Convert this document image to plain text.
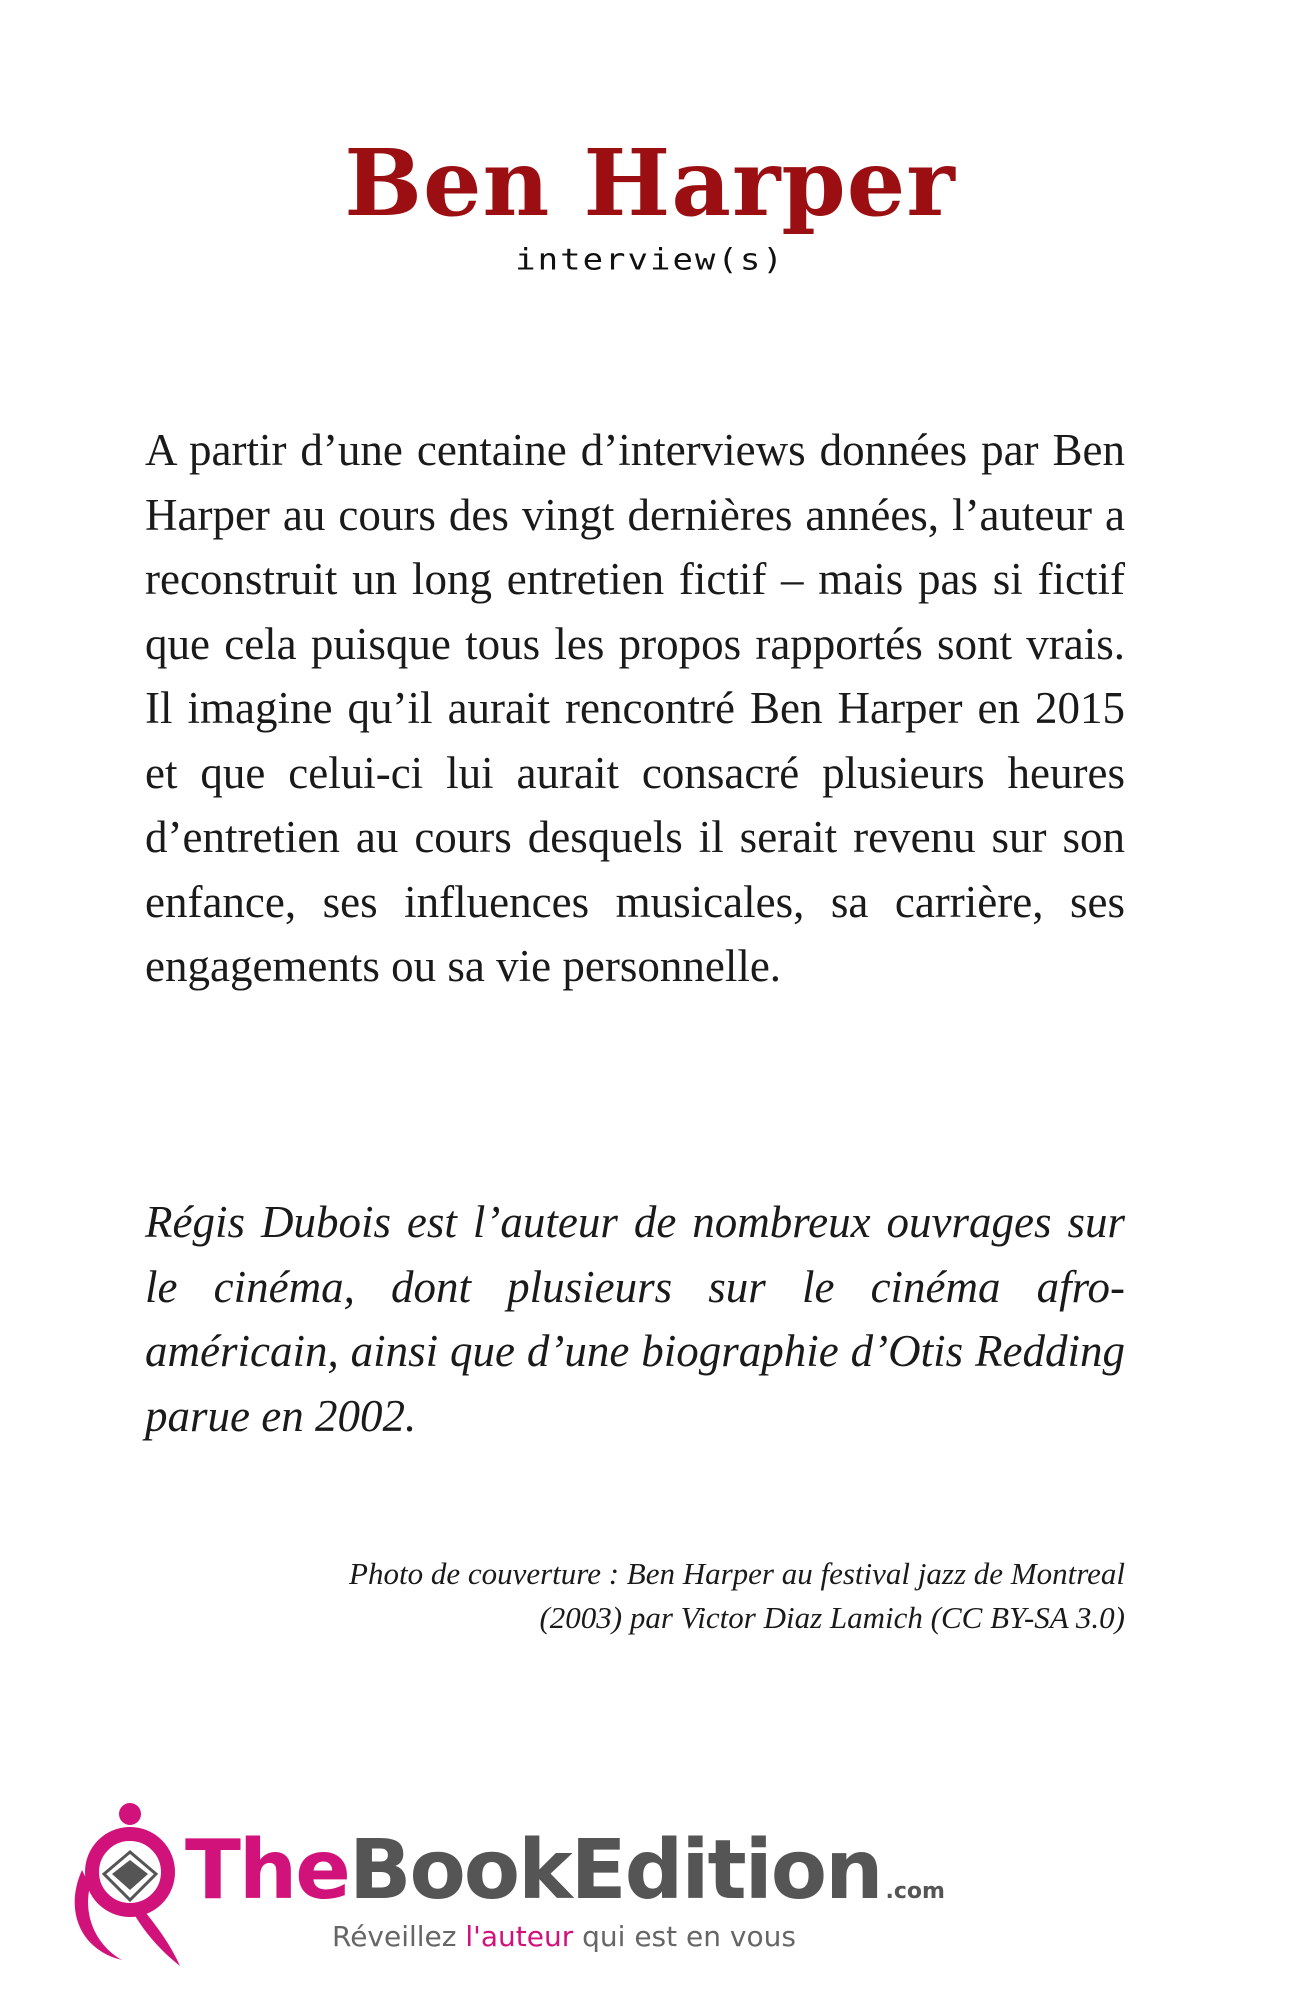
Ben Harper
interview(s)

A partir d’une centaine d’interviews données par Ben Harper au cours des vingt dernières années, l’auteur a reconstruit un long entretien fictif – mais pas si fictif que cela puisque tous les propos rapportés sont vrais. Il imagine qu’il aurait rencontré Ben Harper en 2015 et que celui-ci lui aurait consacré plusieurs heures d’entretien au cours desquels il serait revenu sur son enfance, ses influences musicales, sa carrière, ses engagements ou sa vie personnelle.

Régis Dubois est l’auteur de nombreux ouvrages sur le cinéma, dont plusieurs sur le cinéma afro-américain, ainsi que d’une biographie d’Otis Redding parue en 2002.

Photo de couverture : Ben Harper au festival jazz de Montreal
(2003) par Victor Diaz Lamich (CC BY-SA 3.0)

TheBookEdition .com
Réveillez l'auteur qui est en vous
